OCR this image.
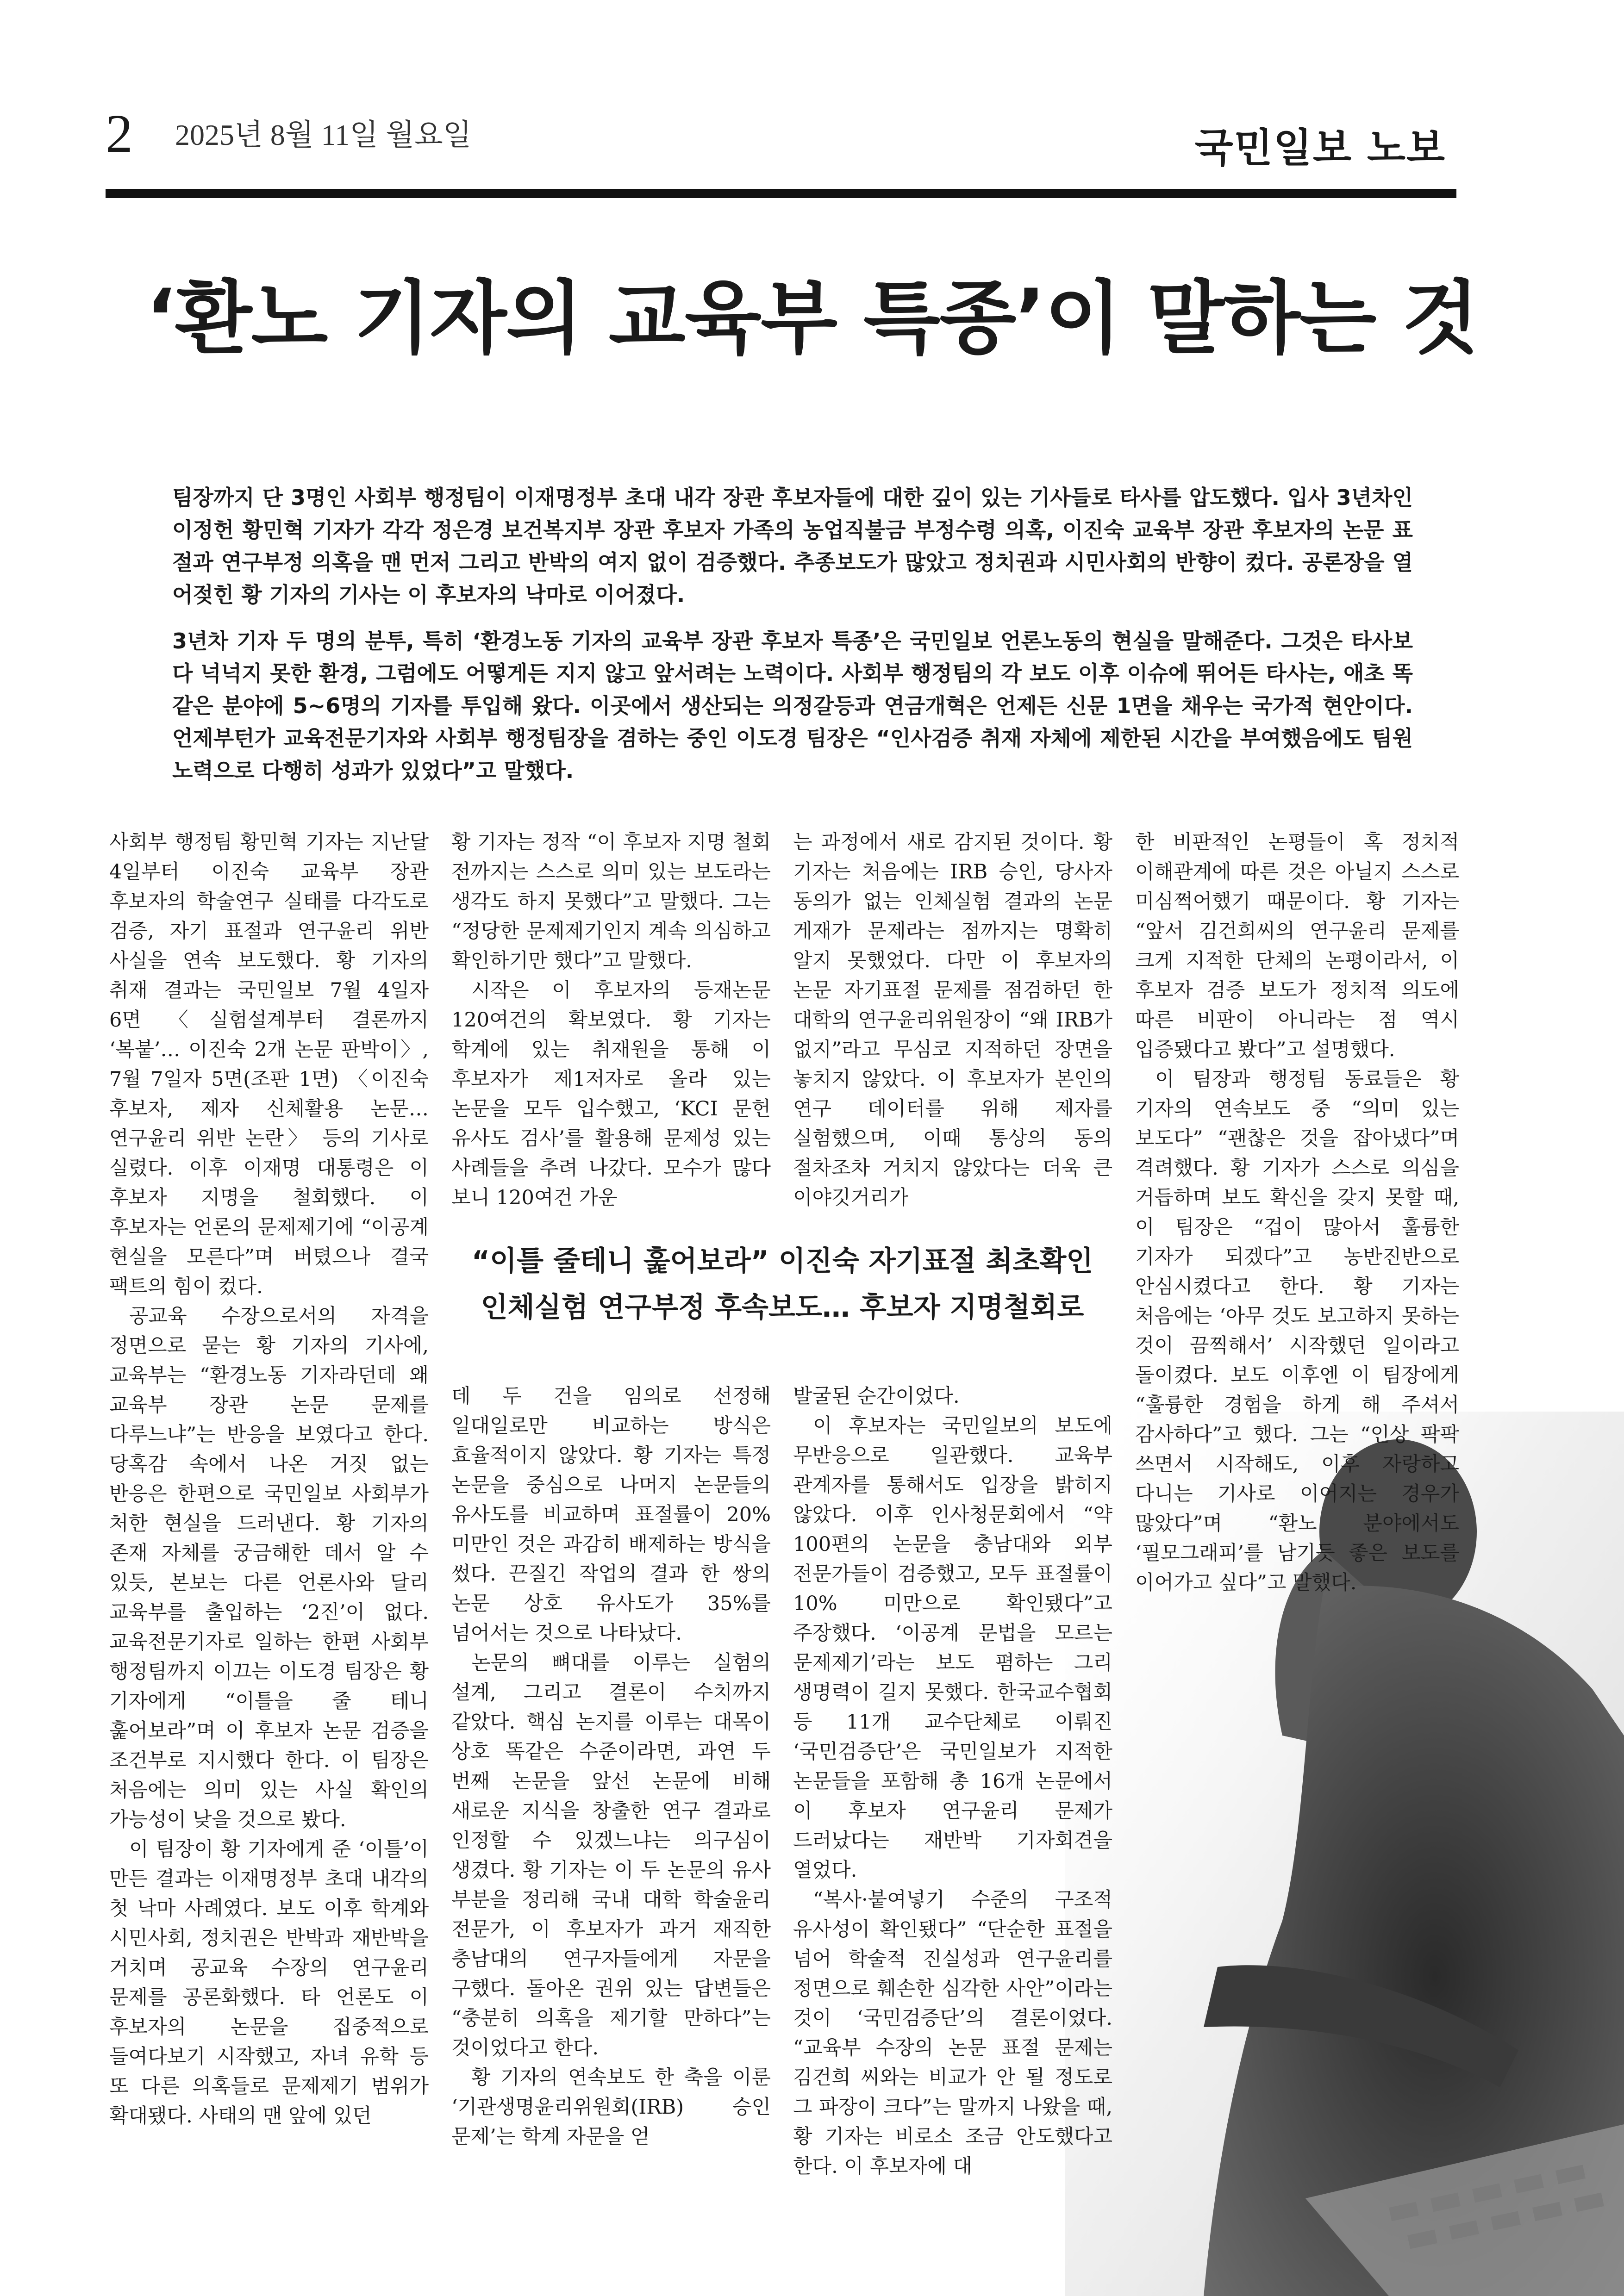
2 2025년 8월 11일 월요일	국민일보 노보
‘환노 기자의 교육부 특종’이 말하는 것
팀장까지 단 3명인 사회부 행정팀이 이재명정부 초대 내각 장관 후보자들에 대한 깊이 있는 기사들로 타사를 압도했다. 입사 3년차인 이정헌 황민혁 기자가 각각 정은경 보건복지부 장관 후보자 가족의 농업직불금 부정수령 의혹, 이진숙 교육부 장관 후보자의 논문 표절과 연구부정 의혹을 맨 먼저 그리고 반박의 여지 없이 검증했다. 추종보도가 많았고 정치권과 시민사회의 반향이 컸다. 공론장을 열어젖힌 황 기자의 기사는 이 후보자의 낙마로 이어졌다.
3년차 기자 두 명의 분투, 특히 ‘환경노동 기자의 교육부 장관 후보자 특종’은 국민일보 언론노동의 현실을 말해준다. 그것은 타사보다 넉넉지 못한 환경, 그럼에도 어떻게든 지지 않고 앞서려는 노력이다. 사회부 행정팀의 각 보도 이후 이슈에 뛰어든 타사는, 애초 똑같은 분야에 5~6명의 기자를 투입해 왔다. 이곳에서 생산되는 의정갈등과 연금개혁은 언제든 신문 1면을 채우는 국가적 현안이다. 언제부턴가 교육전문기자와 사회부 행정팀장을 겸하는 중인 이도경 팀장은 “인사검증 취재 자체에 제한된 시간을 부여했음에도 팀원 노력으로 다행히 성과가 있었다”고 말했다.

사회부 행정팀 황민혁 기자는 지난달 4일부터 이진숙 교육부 장관 후보자의 학술연구 실태를 다각도로 검증, 자기 표절과 연구윤리 위반 사실을 연속 보도했다. 황 기자의 취재 결과는 국민일보 7월 4일자 6면 〈실험설계부터 결론까지 ‘복붙’… 이진숙 2개 논문 판박이〉, 7월 7일자 5면(조판 1면) 〈이진숙 후보자, 제자 신체활용 논문… 연구윤리 위반 논란〉 등의 기사로 실렸다. 이후 이재명 대통령은 이 후보자 지명을 철회했다. 이 후보자는 언론의 문제제기에 “이공계 현실을 모른다”며 버텼으나 결국 팩트의 힘이 컸다.

공교육 수장으로서의 자격을 정면으로 묻는 황 기자의 기사에, 교육부는 “환경노동 기자라던데 왜 교육부 장관 논문 문제를 다루느냐”는 반응을 보였다고 한다. 당혹감 속에서 나온 거짓 없는 반응은 한편으로 국민일보 사회부가 처한 현실을 드러낸다. 황 기자의 존재 자체를 궁금해한 데서 알 수 있듯, 본보는 다른 언론사와 달리 교육부를 출입하는 ‘2진’이 없다. 교육전문기자로 일하는 한편 사회부 행정팀까지 이끄는 이도경 팀장은 황 기자에게 “이틀을 줄 테니 훑어보라”며 이 후보자 논문 검증을 조건부로 지시했다 한다. 이 팀장은 처음에는 의미 있는 사실 확인의 가능성이 낮을 것으로 봤다.

이 팀장이 황 기자에게 준 ‘이틀’이 만든 결과는 이재명정부 초대 내각의 첫 낙마 사례였다. 보도 이후 학계와 시민사회, 정치권은 반박과 재반박을 거치며 공교육 수장의 연구윤리 문제를 공론화했다. 타 언론도 이 후보자의 논문을 집중적으로 들여다보기 시작했고, 자녀 유학 등 또 다른 의혹들로 문제제기 범위가 확대됐다. 사태의 맨 앞에 있던

황 기자는 정작 “이 후보자 지명 철회 전까지는 스스로 의미 있는 보도라는 생각도 하지 못했다”고 말했다. 그는 “정당한 문제제기인지 계속 의심하고 확인하기만 했다”고 말했다.

시작은 이 후보자의 등재논문 120여건의 확보였다. 황 기자는 학계에 있는 취재원을 통해 이 후보자가 제1저자로 올라 있는 논문을 모두 입수했고, ‘KCI 문헌 유사도 검사’를 활용해 문제성 있는 사례들을 추려 나갔다. 모수가 많다 보니 120여건 가운

는 과정에서 새로 감지된 것이다. 황 기자는 처음에는 IRB 승인, 당사자 동의가 없는 인체실험 결과의 논문 게재가 문제라는 점까지는 명확히 알지 못했었다. 다만 이 후보자의 논문 자기표절 문제를 점검하던 한 대학의 연구윤리위원장이 “왜 IRB가 없지”라고 무심코 지적하던 장면을 놓치지 않았다. 이 후보자가 본인의 연구 데이터를 위해 제자를 실험했으며, 이때 통상의 동의 절차조차 거치지 않았다는 더욱 큰 이야깃거리가

“이틀 줄테니 훑어보라” 이진숙 자기표절 최초확인
인체실험 연구부정 후속보도… 후보자 지명철회로

데 두 건을 임의로 선정해 일대일로만 비교하는 방식은 효율적이지 않았다. 황 기자는 특정 논문을 중심으로 나머지 논문들의 유사도를 비교하며 표절률이 20% 미만인 것은 과감히 배제하는 방식을 썼다. 끈질긴 작업의 결과 한 쌍의 논문 상호 유사도가 35%를 넘어서는 것으로 나타났다.

논문의 뼈대를 이루는 실험의 설계, 그리고 결론이 수치까지 같았다. 핵심 논지를 이루는 대목이 상호 똑같은 수준이라면, 과연 두 번째 논문을 앞선 논문에 비해 새로운 지식을 창출한 연구 결과로 인정할 수 있겠느냐는 의구심이 생겼다. 황 기자는 이 두 논문의 유사 부분을 정리해 국내 대학 학술윤리 전문가, 이 후보자가 과거 재직한 충남대의 연구자들에게 자문을 구했다. 돌아온 권위 있는 답변들은 “충분히 의혹을 제기할 만하다”는 것이었다고 한다.

황 기자의 연속보도 한 축을 이룬 ‘기관생명윤리위원회(IRB) 승인 문제’는 학계 자문을 얻

발굴된 순간이었다.

이 후보자는 국민일보의 보도에 무반응으로 일관했다. 교육부 관계자를 통해서도 입장을 밝히지 않았다. 이후 인사청문회에서 “약 100편의 논문을 충남대와 외부 전문가들이 검증했고, 모두 표절률이 10% 미만으로 확인됐다”고 주장했다. ‘이공계 문법을 모르는 문제제기’라는 보도 폄하는 그리 생명력이 길지 못했다. 한국교수협회 등 11개 교수단체로 이뤄진 ‘국민검증단’은 국민일보가 지적한 논문들을 포함해 총 16개 논문에서 이 후보자 연구윤리 문제가 드러났다는 재반박 기자회견을 열었다.

“복사·붙여넣기 수준의 구조적 유사성이 확인됐다” “단순한 표절을 넘어 학술적 진실성과 연구윤리를 정면으로 훼손한 심각한 사안”이라는 것이 ‘국민검증단’의 결론이었다. “교육부 수장의 논문 표절 문제는 김건희 씨와는 비교가 안 될 정도로 그 파장이 크다”는 말까지 나왔을 때, 황 기자는 비로소 조금 안도했다고 한다. 이 후보자에 대

한 비판적인 논평들이 혹 정치적 이해관계에 따른 것은 아닐지 스스로 미심쩍어했기 때문이다. 황 기자는 “앞서 김건희씨의 연구윤리 문제를 크게 지적한 단체의 논평이라서, 이 후보자 검증 보도가 정치적 의도에 따른 비판이 아니라는 점 역시 입증됐다고 봤다”고 설명했다.

이 팀장과 행정팀 동료들은 황 기자의 연속보도 중 “의미 있는 보도다” “괜찮은 것을 잡아냈다”며 격려했다. 황 기자가 스스로 의심을 거듭하며 보도 확신을 갖지 못할 때, 이 팀장은 “겁이 많아서 훌륭한 기자가 되겠다”고 농반진반으로 안심시켰다고 한다. 황 기자는 처음에는 ‘아무 것도 보고하지 못하는 것이 끔찍해서’ 시작했던 일이라고 돌이켰다. 보도 이후엔 이 팀장에게 “훌륭한 경험을 하게 해 주셔서 감사하다”고 했다. 그는 “인상 팍팍 쓰면서 시작해도, 이후 자랑하고 다니는 기사로 이어지는 경우가 많았다”며 “환노 분야에서도 ‘필모그래피’를 남기듯 좋은 보도를 이어가고 싶다”고 말했다.
